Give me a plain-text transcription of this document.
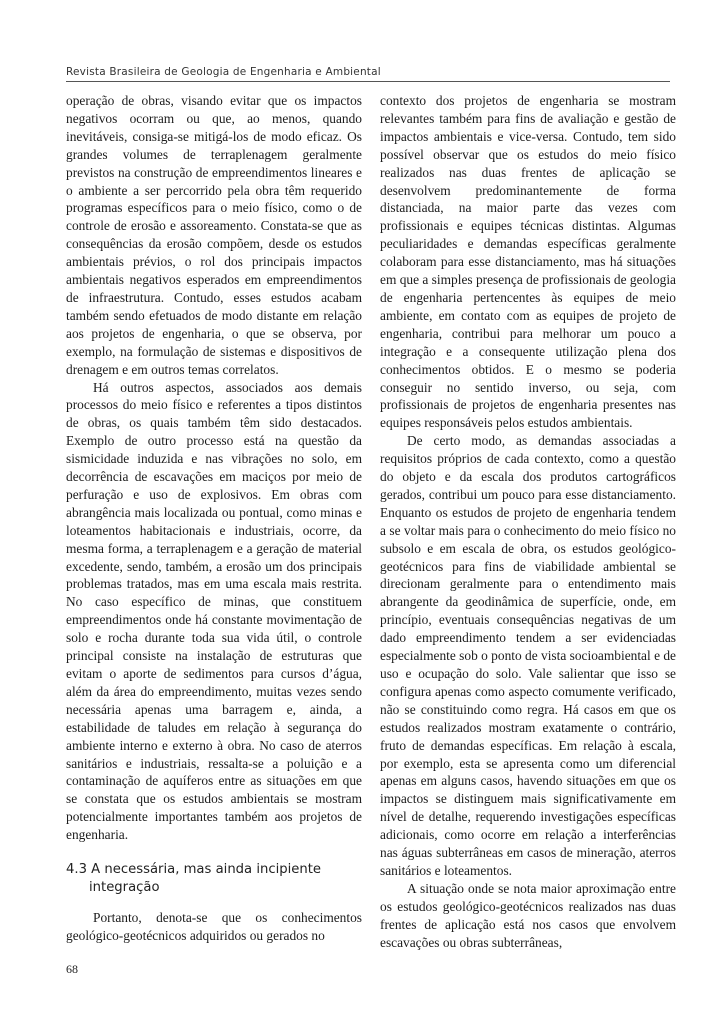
Revista Brasileira de Geologia de Engenharia e Ambiental

operação de obras, visando evitar que os impactos negativos ocorram ou que, ao menos, quando inevitáveis, consiga-se mitigá-los de modo eficaz. Os grandes volumes de terraplenagem geralmente previstos na construção de empreendimentos lineares e o ambiente a ser percorrido pela obra têm requerido programas específicos para o meio físico, como o de controle de erosão e assoreamento. Constata-se que as consequências da erosão compõem, desde os estudos ambientais prévios, o rol dos principais impactos ambientais negativos esperados em empreendimentos de infraestrutura. Contudo, esses estudos acabam também sendo efetuados de modo distante em relação aos projetos de engenharia, o que se observa, por exemplo, na formulação de sistemas e dispositivos de drenagem e em outros temas correlatos.

Há outros aspectos, associados aos demais processos do meio físico e referentes a tipos distintos de obras, os quais também têm sido destacados. Exemplo de outro processo está na questão da sismicidade induzida e nas vibrações no solo, em decorrência de escavações em maciços por meio de perfuração e uso de explosivos. Em obras com abrangência mais localizada ou pontual, como minas e loteamentos habitacionais e industriais, ocorre, da mesma forma, a terraplenagem e a geração de material excedente, sendo, também, a erosão um dos principais problemas tratados, mas em uma escala mais restrita. No caso específico de minas, que constituem empreendimentos onde há constante movimentação de solo e rocha durante toda sua vida útil, o controle principal consiste na instalação de estruturas que evitam o aporte de sedimentos para cursos d’água, além da área do empreendimento, muitas vezes sendo necessária apenas uma barragem e, ainda, a estabilidade de taludes em relação à segurança do ambiente interno e externo à obra. No caso de aterros sanitários e industriais, ressalta-se a poluição e a contaminação de aquíferos entre as situações em que se constata que os estudos ambientais se mostram potencialmente importantes também aos projetos de engenharia.

4.3 A necessária, mas ainda incipiente integração

Portanto, denota-se que os conhecimentos geológico-geotécnicos adquiridos ou gerados no

contexto dos projetos de engenharia se mostram relevantes também para fins de avaliação e gestão de impactos ambientais e vice-versa. Contudo, tem sido possível observar que os estudos do meio físico realizados nas duas frentes de aplicação se desenvolvem predominantemente de forma distanciada, na maior parte das vezes com profissionais e equipes técnicas distintas. Algumas peculiaridades e demandas específicas geralmente colaboram para esse distanciamento, mas há situações em que a simples presença de profissionais de geologia de engenharia pertencentes às equipes de meio ambiente, em contato com as equipes de projeto de engenharia, contribui para melhorar um pouco a integração e a consequente utilização plena dos conhecimentos obtidos. E o mesmo se poderia conseguir no sentido inverso, ou seja, com profissionais de projetos de engenharia presentes nas equipes responsáveis pelos estudos ambientais.

De certo modo, as demandas associadas a requisitos próprios de cada contexto, como a questão do objeto e da escala dos produtos cartográficos gerados, contribui um pouco para esse distanciamento. Enquanto os estudos de projeto de engenharia tendem a se voltar mais para o conhecimento do meio físico no subsolo e em escala de obra, os estudos geológico-geotécnicos para fins de viabilidade ambiental se direcionam geralmente para o entendimento mais abrangente da geodinâmica de superfície, onde, em princípio, eventuais consequências negativas de um dado empreendimento tendem a ser evidenciadas especialmente sob o ponto de vista socioambiental e de uso e ocupação do solo. Vale salientar que isso se configura apenas como aspecto comumente verificado, não se constituindo como regra. Há casos em que os estudos realizados mostram exatamente o contrário, fruto de demandas específicas. Em relação à escala, por exemplo, esta se apresenta como um diferencial apenas em alguns casos, havendo situações em que os impactos se distinguem mais significativamente em nível de detalhe, requerendo investigações específicas adicionais, como ocorre em relação a interferências nas águas subterrâneas em casos de mineração, aterros sanitários e loteamentos.

A situação onde se nota maior aproximação entre os estudos geológico-geotécnicos realizados nas duas frentes de aplicação está nos casos que envolvem escavações ou obras subterrâneas,

68
